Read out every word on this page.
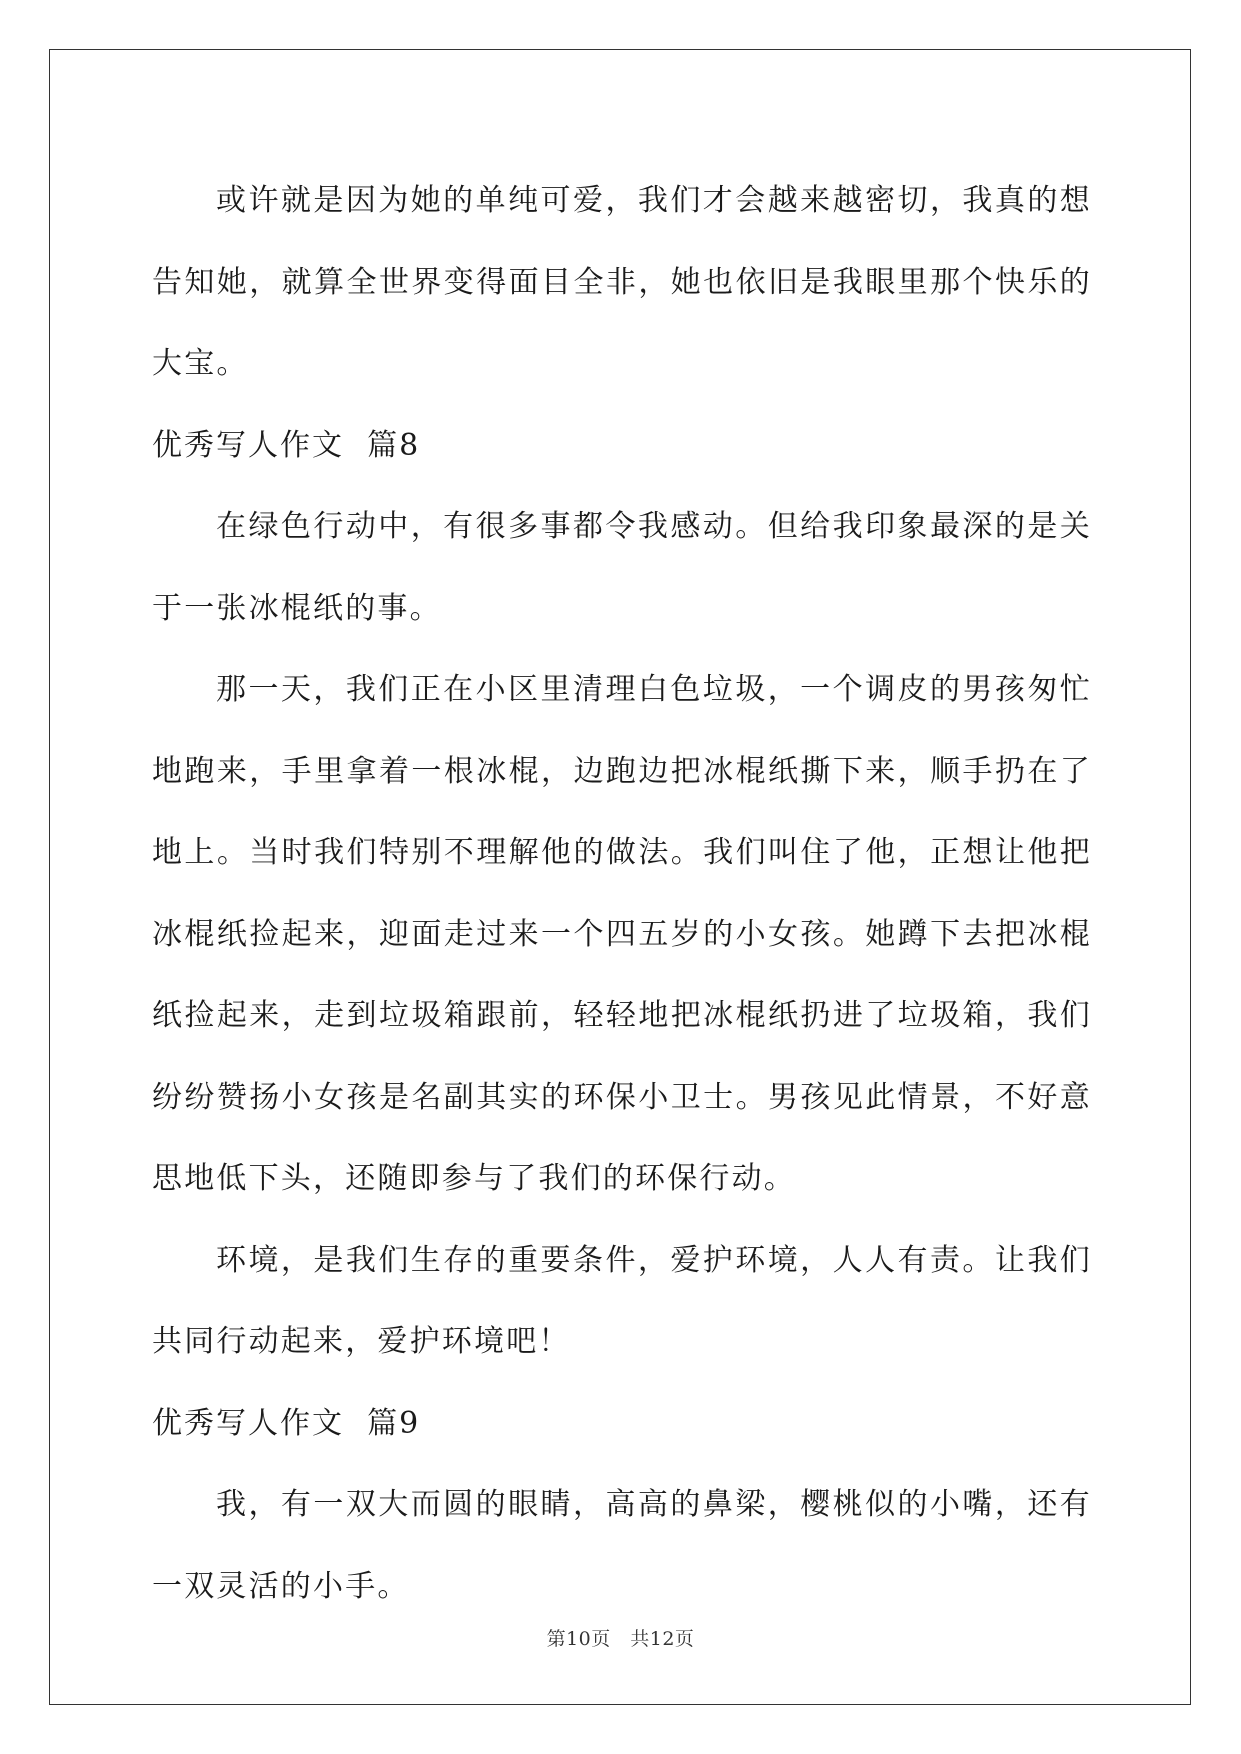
或许就是因为她的单纯可爱，我们才会越来越密切，我真的想告知她，就算全世界变得面目全非，她也依旧是我眼里那个快乐的大宝。

优秀写人作文  篇8

在绿色行动中，有很多事都令我感动。但给我印象最深的是关于一张冰棍纸的事。

那一天，我们正在小区里清理白色垃圾，一个调皮的男孩匆忙地跑来，手里拿着一根冰棍，边跑边把冰棍纸撕下来，顺手扔在了地上。当时我们特别不理解他的做法。我们叫住了他，正想让他把冰棍纸捡起来，迎面走过来一个四五岁的小女孩。她蹲下去把冰棍纸捡起来，走到垃圾箱跟前，轻轻地把冰棍纸扔进了垃圾箱，我们纷纷赞扬小女孩是名副其实的环保小卫士。男孩见此情景，不好意思地低下头，还随即参与了我们的环保行动。

环境，是我们生存的重要条件，爱护环境，人人有责。让我们共同行动起来，爱护环境吧！

优秀写人作文  篇9

我，有一双大而圆的眼睛，高高的鼻梁，樱桃似的小嘴，还有一双灵活的小手。

第10页　共12页
